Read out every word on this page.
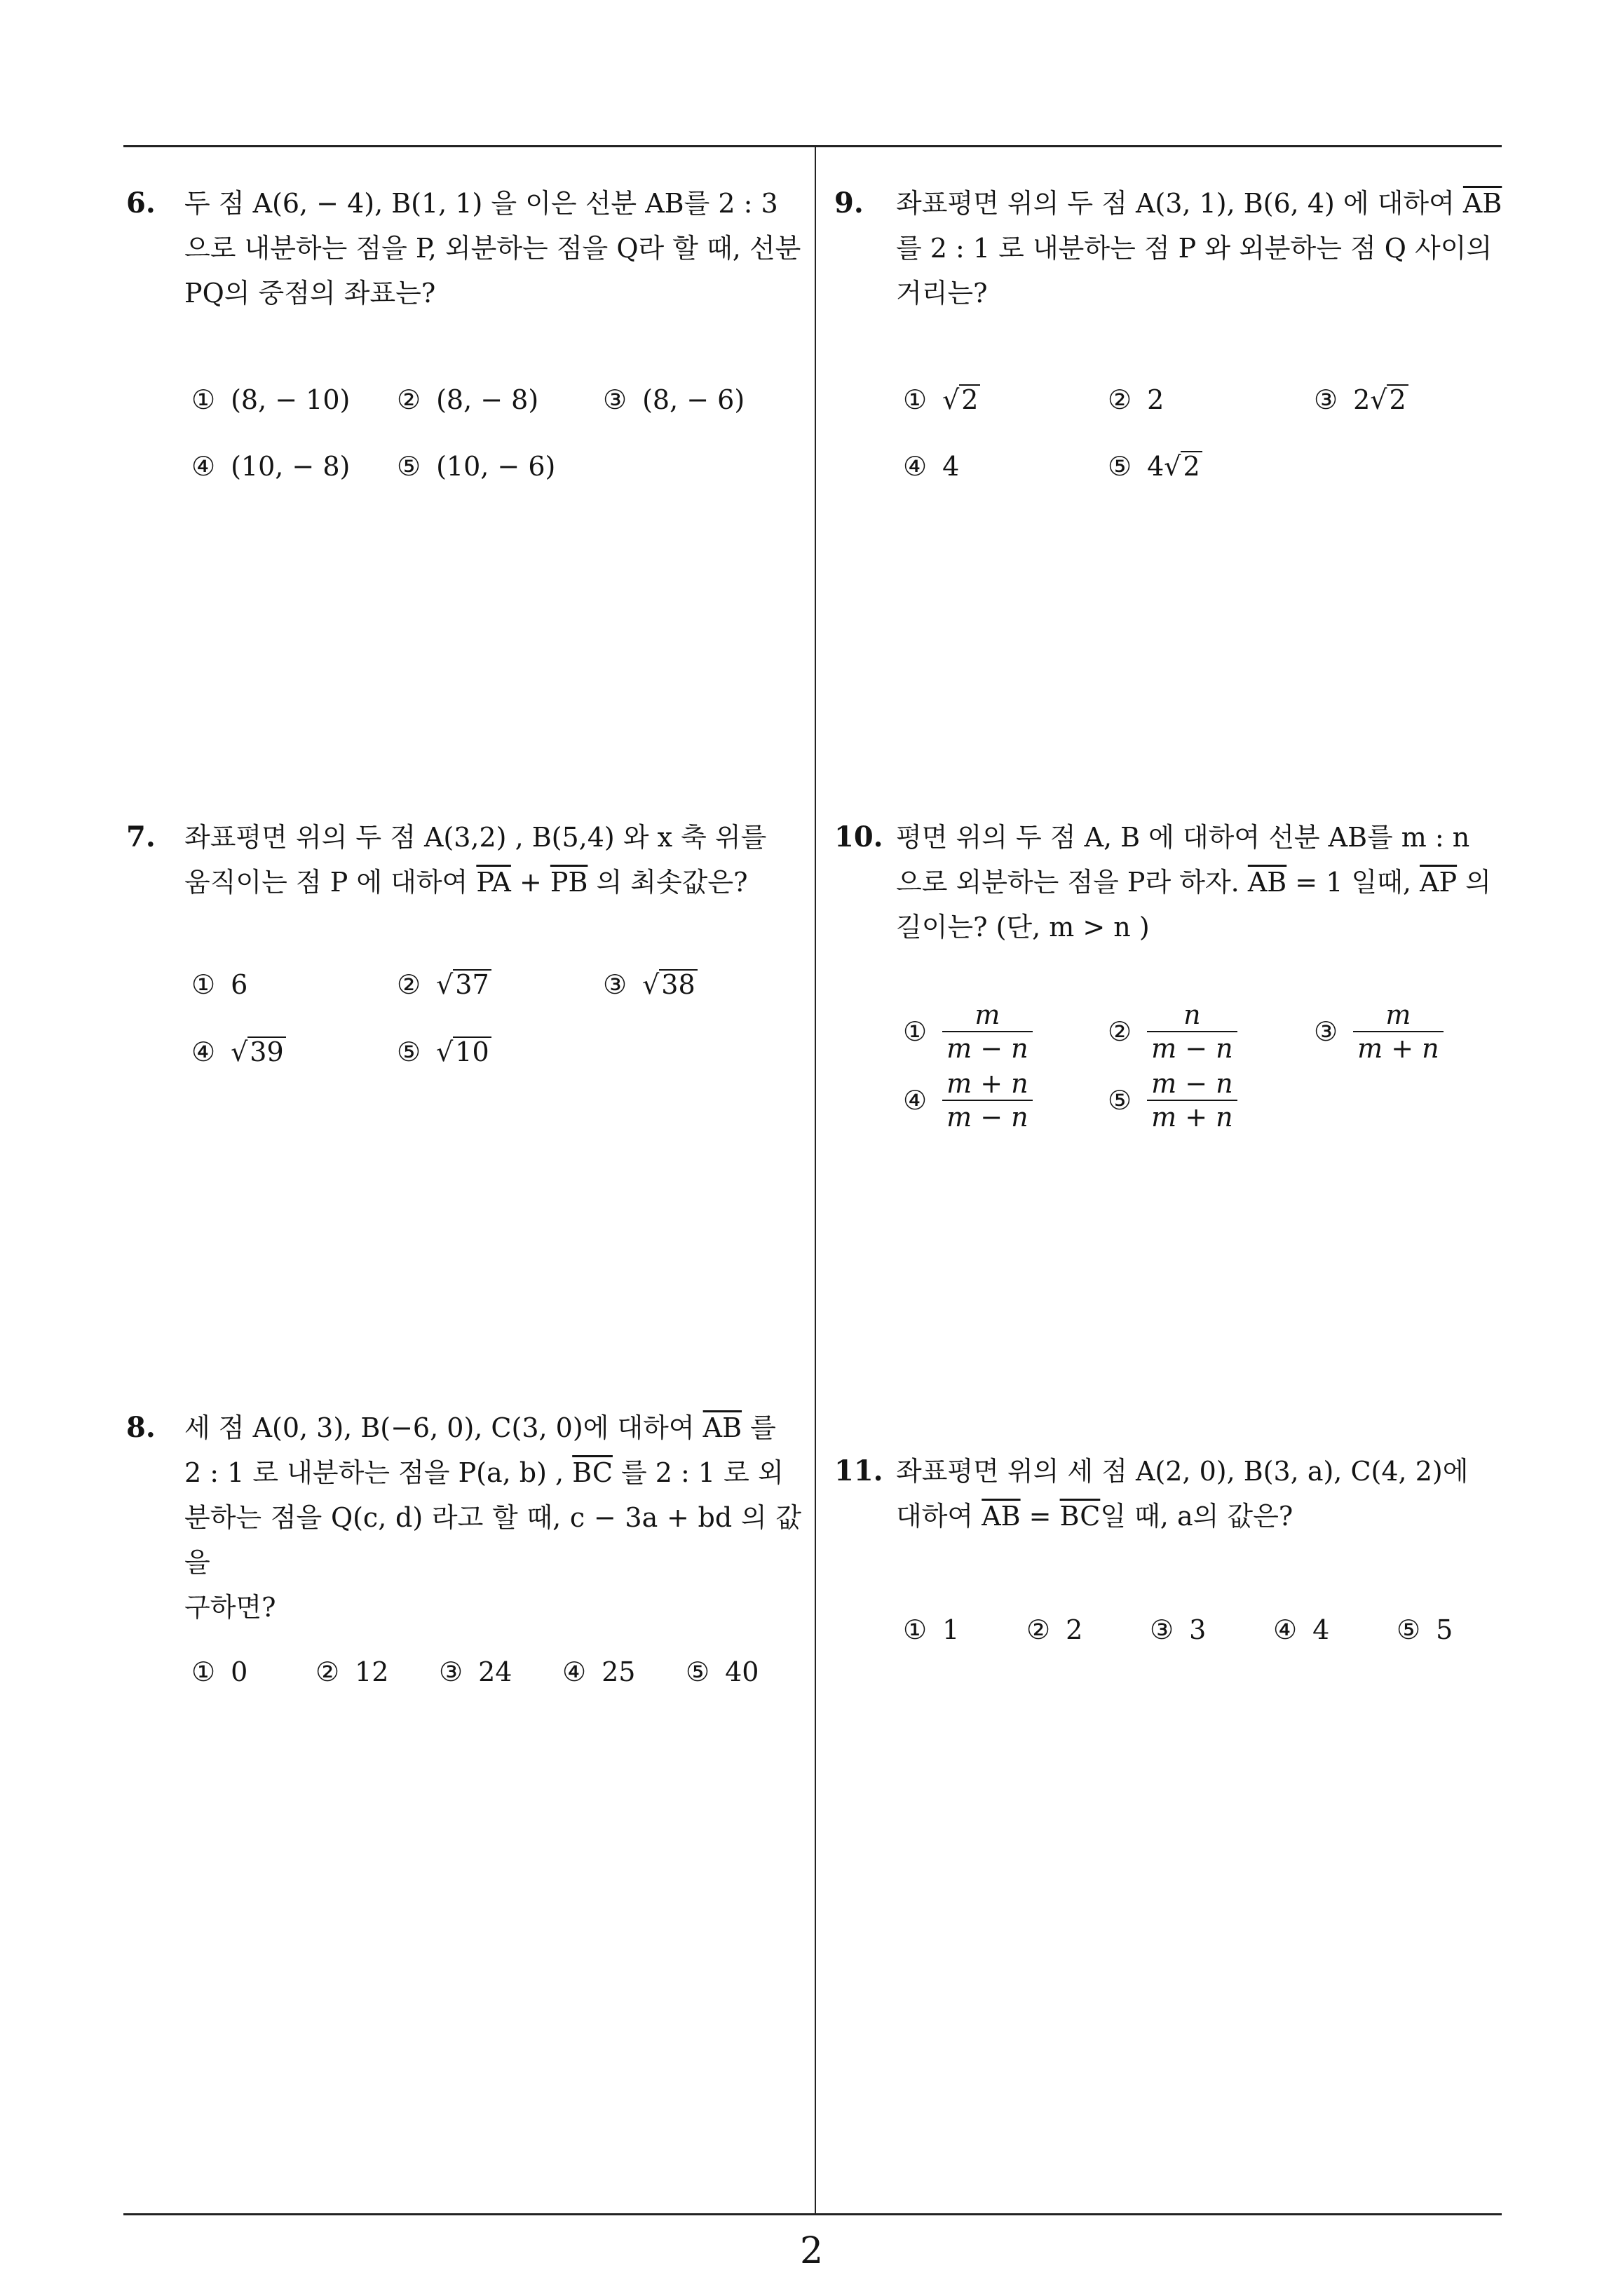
6. 두 점 A(6, − 4), B(1, 1) 을 이은 선분 AB를 2 : 3
으로 내분하는 점을 P, 외분하는 점을 Q라 할 때, 선분
PQ의 중점의 좌표는?
① (8, − 10) ② (8, − 8) ③ (8, − 6)
④ (10, − 8) ⑤ (10, − 6)
7. 좌표평면 위의 두 점 A(3,2) , B(5,4) 와 x 축 위를
움직이는 점 P 에 대하여 $\overline{PA} + \overline{PB}$ 의 최솟값은?
① 6	② √37	③ √38
④ √39	⑤ √10
8. 세 점 A(0, 3), B(−6, 0), C(3, 0)에 대하여 $\overline{AB}$ 를
2 : 1 로 내분하는 점을 P(a, b) , $\overline{BC}$ 를 2 : 1 로 외
분하는 점을 Q(c, d) 라고 할 때, c − 3a + bd 의 값을
구하면?
① 0	② 12 ③ 24 ④ 25 ⑤ 40
9. 좌표평면 위의 두 점 A(3, 1), B(6, 4) 에 대하여 $\overline{AB}$
를 2 : 1 로 내분하는 점 P 와 외분하는 점 Q 사이의
거리는?
① √2	② 2	③ 2√2
④ 4	⑤ 4√2
10. 평면 위의 두 점 A, B 에 대하여 선분 AB를 m : n
으로 외분하는 점을 P라 하자. $\overline{AB} = 1$ 일때, $\overline{AP}$ 의
길이는? (단, m > n )
① $\frac{m}{m - n}$	② $\frac{n}{m - n}$	③ $\frac{m}{m + n}$
④ $\frac{m + n}{m - n}$	⑤ $\frac{m - n}{m + n}$
11. 좌표평면 위의 세 점 A(2, 0), B(3, a), C(4, 2)에
대하여 $\overline{AB} = \overline{BC}$일 때, a의 값은?
① 1	② 2	③ 3	④ 4	⑤ 5
2
